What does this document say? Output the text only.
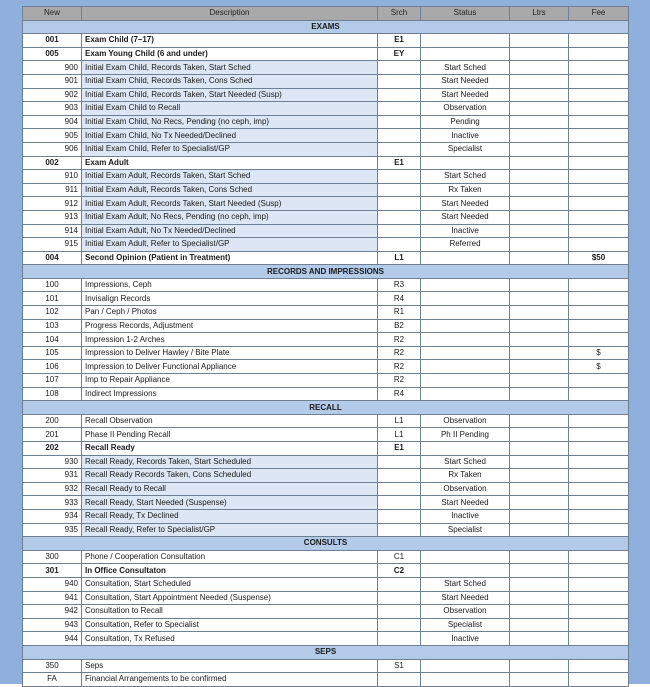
New	Description	Srch	Status	Ltrs	Fee
EXAMS					
001	Exam Child (7–17)	E1			
005	Exam Young Child (6 and under)	EY			
900	Initial Exam Child, Records Taken, Start Sched		Start Sched		
901	Initial Exam Child, Records Taken, Cons Sched		Start Needed		
902	Initial Exam Child, Records Taken, Start Needed (Susp)		Start Needed		
903	Initial Exam Child to Recall		Observation		
904	Initial Exam Child, No Recs, Pending (no ceph, imp)		Pending		
905	Initial Exam Child, No Tx Needed/Declined		Inactive		
906	Initial Exam Child, Refer to Specialist/GP		Specialist		
002	Exam Adult	E1			
910	Initial Exam Adult, Records Taken, Start Sched		Start Sched		
911	Initial Exam Adult, Records Taken, Cons Sched		Rx Taken		
912	Initial Exam Adult, Records Taken, Start Needed (Susp)		Start Needed		
913	Initial Exam Adult, No Recs, Pending (no ceph, imp)		Start Needed		
914	Initial Exam Adult, No Tx Needed/Declined		Inactive		
915	Initial Exam Adult, Refer to Specialist/GP		Referred		
004	Second Opinion (Patient in Treatment)	L1			$50
RECORDS AND IMPRESSIONS					
100	Impressions, Ceph	R3			
101	Invisalign Records	R4			
102	Pan / Ceph / Photos	R1			
103	Progress Records, Adjustment	B2			
104	Impression 1-2 Arches	R2			
105	Impression to Deliver Hawley / Bite Plate	R2			$
106	Impression to Deliver Functional Appliance	R2			$
107	Imp to Repair Appliance	R2			
108	Indirect Impressions	R4			
RECALL					
200	Recall Observation	L1	Observation		
201	Phase II Pending Recall	L1	Ph II Pending		
202	Recall Ready	E1			
930	Recall Ready, Records Taken, Start Scheduled		Start Sched		
931	Recall Ready Records Taken, Cons Scheduled		Rx Taken		
932	Recall Ready to Recall		Observation		
933	Recall Ready, Start Needed (Suspense)		Start Needed		
934	Recall Ready, Tx Declined		Inactive		
935	Recall Ready, Refer to Specialist/GP		Specialist		
CONSULTS					
300	Phone / Cooperation Consultation	C1			
301	In Office Consultaton	C2			
940	Consultation, Start Scheduled		Start Sched		
941	Consultation, Start Appointment Needed (Suspense)		Start Needed		
942	Consultation to Recall		Observation		
943	Consultation, Refer to Specialist		Specialist		
944	Consultation, Tx Refused		Inactive		
SEPS					
350	Seps	S1			
FA	Financial Arrangements to be confirmed				
